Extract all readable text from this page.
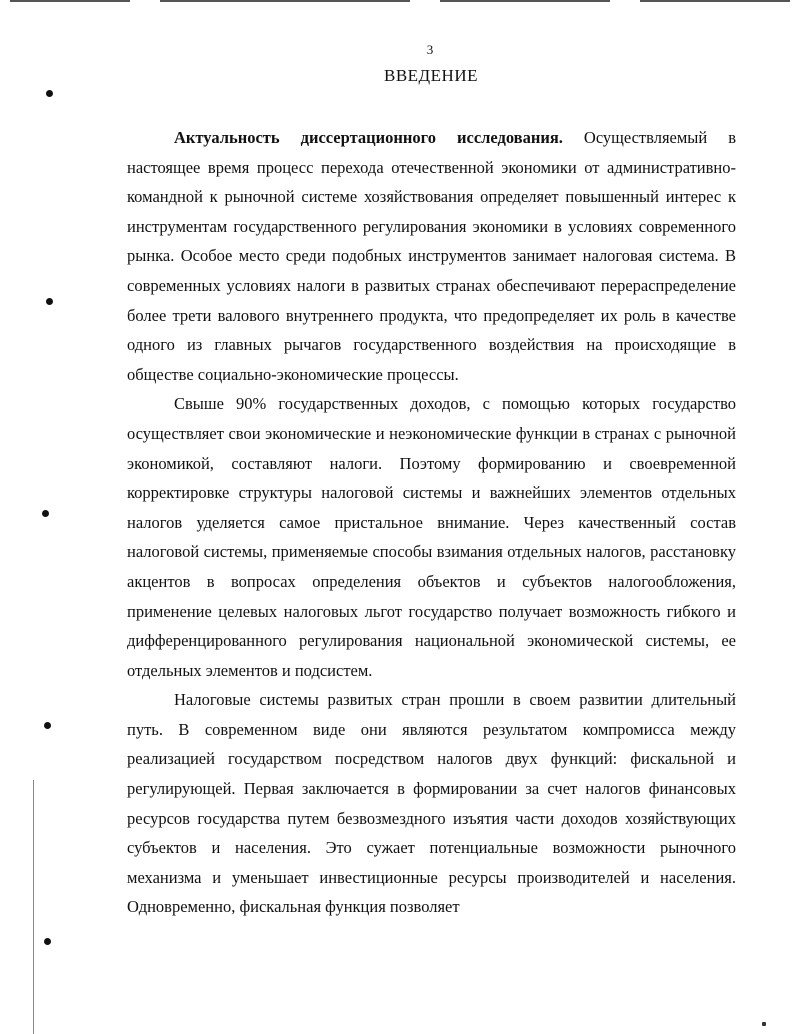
3
ВВЕДЕНИЕ

Актуальность диссертационного исследования. Осуществляемый в настоящее время процесс перехода отечественной экономики от административно-командной к рыночной системе хозяйствования определяет повышенный интерес к инструментам государственного регулирования экономики в условиях современного рынка. Особое место среди подобных инструментов занимает налоговая система. В современных условиях налоги в развитых странах обеспечивают перераспределение более трети валового внутреннего продукта, что предопределяет их роль в качестве одного из главных рычагов государственного воздействия на происходящие в обществе социально-экономические процессы.

Свыше 90% государственных доходов, с помощью которых государство осуществляет свои экономические и неэкономические функции в странах с рыночной экономикой, составляют налоги. Поэтому формированию и своевременной корректировке структуры налоговой системы и важнейших элементов отдельных налогов уделяется самое пристальное внимание. Через качественный состав налоговой системы, применяемые способы взимания отдельных налогов, расстановку акцентов в вопросах определения объектов и субъектов налогообложения, применение целевых налоговых льгот государство получает возможность гибкого и дифференцированного регулирования национальной экономической системы, ее отдельных элементов и подсистем.

Налоговые системы развитых стран прошли в своем развитии длительный путь. В современном виде они являются результатом компромисса между реализацией государством посредством налогов двух функций: фискальной и регулирующей. Первая заключается в формировании за счет налогов финансовых ресурсов государства путем безвозмездного изъятия части доходов хозяйствующих субъектов и населения. Это сужает потенциальные возможности рыночного механизма и уменьшает инвестиционные ресурсы производителей и населения. Одновременно, фискальная функция позволяет
